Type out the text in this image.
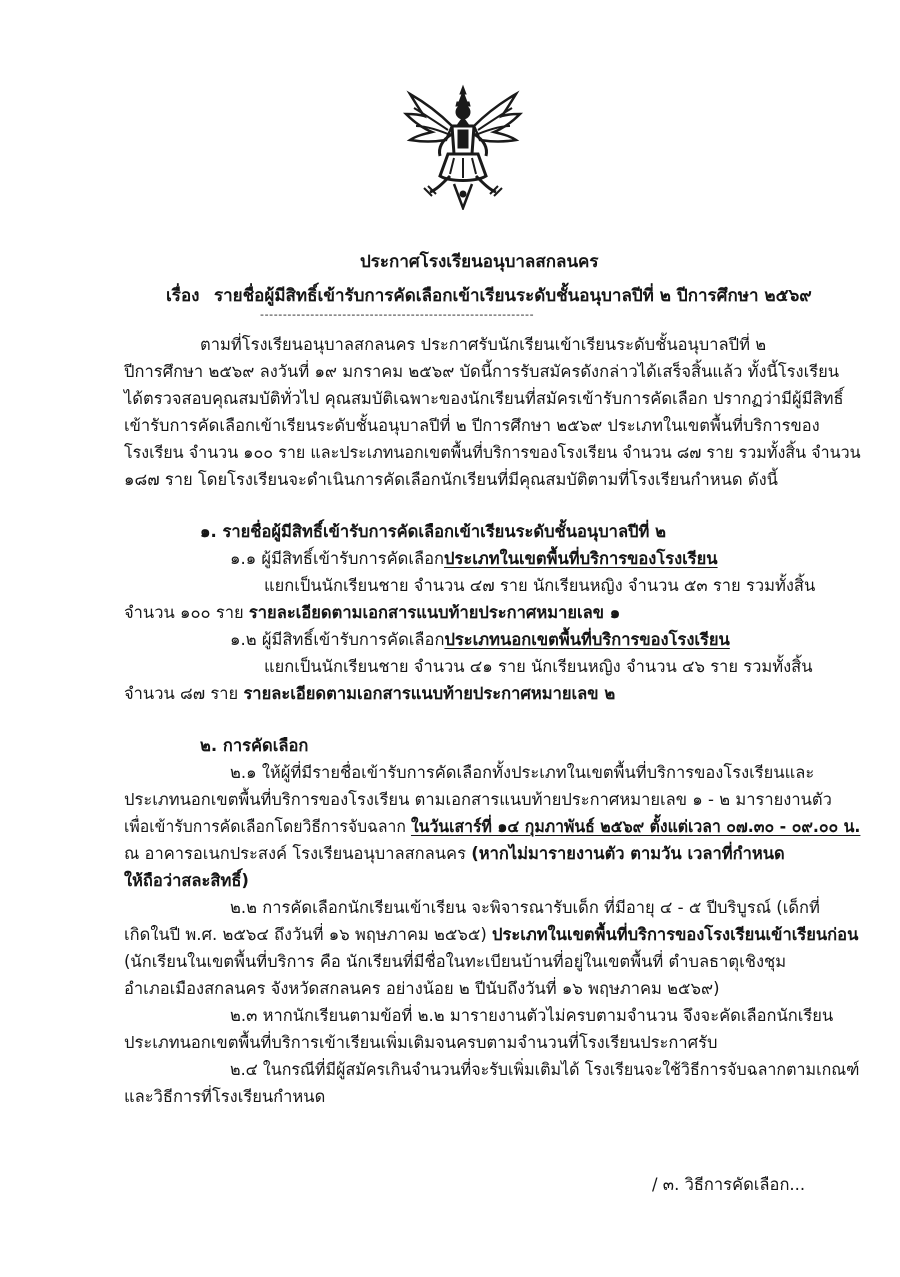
ประกาศโรงเรียนอนุบาลสกลนคร
เรื่อง รายชื่อผู้มีสิทธิ์เข้ารับการคัดเลือกเข้าเรียนระดับชั้นอนุบาลปีที่ ๒ ปีการศึกษา ๒๕๖๙
------------------------------------------------------------
ตามที่โรงเรียนอนุบาลสกลนคร ประกาศรับนักเรียนเข้าเรียนระดับชั้นอนุบาลปีที่ ๒
ปีการศึกษา ๒๕๖๙ ลงวันที่ ๑๙ มกราคม ๒๕๖๙ บัดนี้การรับสมัครดังกล่าวได้เสร็จสิ้นแล้ว ทั้งนี้โรงเรียน
ได้ตรวจสอบคุณสมบัติทั่วไป คุณสมบัติเฉพาะของนักเรียนที่สมัครเข้ารับการคัดเลือก ปรากฏว่ามีผู้มีสิทธิ์
เข้ารับการคัดเลือกเข้าเรียนระดับชั้นอนุบาลปีที่ ๒ ปีการศึกษา ๒๕๖๙ ประเภทในเขตพื้นที่บริการของ
โรงเรียน จำนวน ๑๐๐ ราย และประเภทนอกเขตพื้นที่บริการของโรงเรียน จำนวน ๘๗ ราย รวมทั้งสิ้น จำนวน
๑๘๗ ราย โดยโรงเรียนจะดำเนินการคัดเลือกนักเรียนที่มีคุณสมบัติตามที่โรงเรียนกำหนด ดังนี้
๑. รายชื่อผู้มีสิทธิ์เข้ารับการคัดเลือกเข้าเรียนระดับชั้นอนุบาลปีที่ ๒
๑.๑ ผู้มีสิทธิ์เข้ารับการคัดเลือกประเภทในเขตพื้นที่บริการของโรงเรียน
แยกเป็นนักเรียนชาย จำนวน ๔๗ ราย นักเรียนหญิง จำนวน ๕๓ ราย รวมทั้งสิ้น
จำนวน ๑๐๐ ราย รายละเอียดตามเอกสารแนบท้ายประกาศหมายเลข ๑
๑.๒ ผู้มีสิทธิ์เข้ารับการคัดเลือกประเภทนอกเขตพื้นที่บริการของโรงเรียน
แยกเป็นนักเรียนชาย จำนวน ๔๑ ราย นักเรียนหญิง จำนวน ๔๖ ราย รวมทั้งสิ้น
จำนวน ๘๗ ราย รายละเอียดตามเอกสารแนบท้ายประกาศหมายเลข ๒
๒. การคัดเลือก
๒.๑ ให้ผู้ที่มีรายชื่อเข้ารับการคัดเลือกทั้งประเภทในเขตพื้นที่บริการของโรงเรียนและ
ประเภทนอกเขตพื้นที่บริการของโรงเรียน ตามเอกสารแนบท้ายประกาศหมายเลข ๑ - ๒ มารายงานตัว
เพื่อเข้ารับการคัดเลือกโดยวิธีการจับฉลาก ในวันเสาร์ที่ ๑๔ กุมภาพันธ์ ๒๕๖๙ ตั้งแต่เวลา ๐๗.๓๐ - ๐๙.๐๐ น.
ณ อาคารอเนกประสงค์ โรงเรียนอนุบาลสกลนคร (หากไม่มารายงานตัว ตามวัน เวลาที่กำหนด
ให้ถือว่าสละสิทธิ์)
๒.๒ การคัดเลือกนักเรียนเข้าเรียน จะพิจารณารับเด็ก ที่มีอายุ ๔ - ๕ ปีบริบูรณ์ (เด็กที่
เกิดในปี พ.ศ. ๒๕๖๔ ถึงวันที่ ๑๖ พฤษภาคม ๒๕๖๕) ประเภทในเขตพื้นที่บริการของโรงเรียนเข้าเรียนก่อน
(นักเรียนในเขตพื้นที่บริการ คือ นักเรียนที่มีชื่อในทะเบียนบ้านที่อยู่ในเขตพื้นที่ ตำบลธาตุเชิงชุม
อำเภอเมืองสกลนคร จังหวัดสกลนคร อย่างน้อย ๒ ปีนับถึงวันที่ ๑๖ พฤษภาคม ๒๕๖๙)
๒.๓ หากนักเรียนตามข้อที่ ๒.๒ มารายงานตัวไม่ครบตามจำนวน จึงจะคัดเลือกนักเรียน
ประเภทนอกเขตพื้นที่บริการเข้าเรียนเพิ่มเติมจนครบตามจำนวนที่โรงเรียนประกาศรับ
๒.๔ ในกรณีที่มีผู้สมัครเกินจำนวนที่จะรับเพิ่มเติมได้ โรงเรียนจะใช้วิธีการจับฉลากตามเกณฑ์
และวิธีการที่โรงเรียนกำหนด
/ ๓. วิธีการคัดเลือก...
